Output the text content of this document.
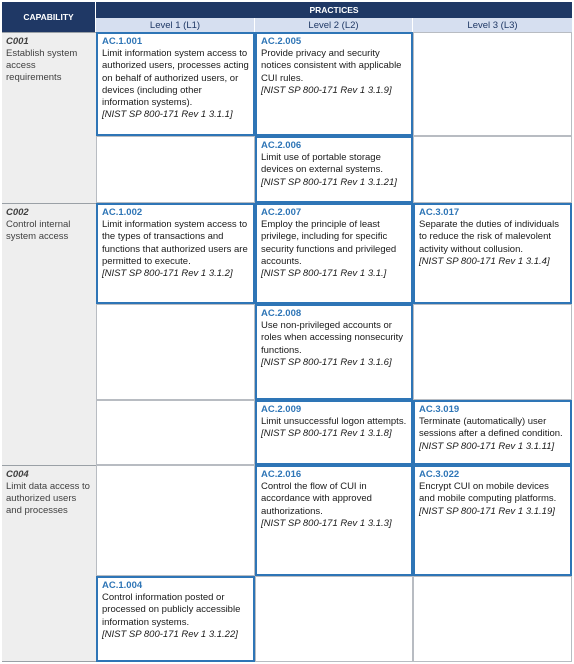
CAPABILITY
PRACTICES
Level 1 (L1)	Level 2 (L2)	Level 3 (L3)
C001
Establish system access requirements
C002
Control internal system access
C004
Limit data access to authorized users and processes
AC.1.001
Limit information system access to authorized users, processes acting on behalf of authorized users, or devices (including other information systems).
[NIST SP 800-171 Rev 1 3.1.1]
AC.2.005
Provide privacy and security notices consistent with applicable CUI rules.
[NIST SP 800-171 Rev 1 3.1.9]
AC.2.006
Limit use of portable storage devices on external systems.
[NIST SP 800-171 Rev 1 3.1.21]
AC.1.002
Limit information system access to the types of transactions and functions that authorized users are permitted to execute.
[NIST SP 800-171 Rev 1 3.1.2]
AC.2.007
Employ the principle of least privilege, including for specific security functions and privileged accounts.
[NIST SP 800-171 Rev 1 3.1.]
AC.3.017
Separate the duties of individuals to reduce the risk of malevolent activity without collusion.
[NIST SP 800-171 Rev 1 3.1.4]
AC.2.008
Use non-privileged accounts or roles when accessing nonsecurity functions.
[NIST SP 800-171 Rev 1 3.1.6]
AC.2.009
Limit unsuccessful logon attempts.
[NIST SP 800-171 Rev 1 3.1.8]
AC.3.019
Terminate (automatically) user sessions after a defined condition.
[NIST SP 800-171 Rev 1 3.1.11]
AC.2.016
Control the flow of CUI in accordance with approved authorizations.
[NIST SP 800-171 Rev 1 3.1.3]
AC.3.022
Encrypt CUI on mobile devices and mobile computing platforms.
[NIST SP 800-171 Rev 1 3.1.19]
AC.1.004
Control information posted or processed on publicly accessible information systems.
[NIST SP 800-171 Rev 1 3.1.22]
